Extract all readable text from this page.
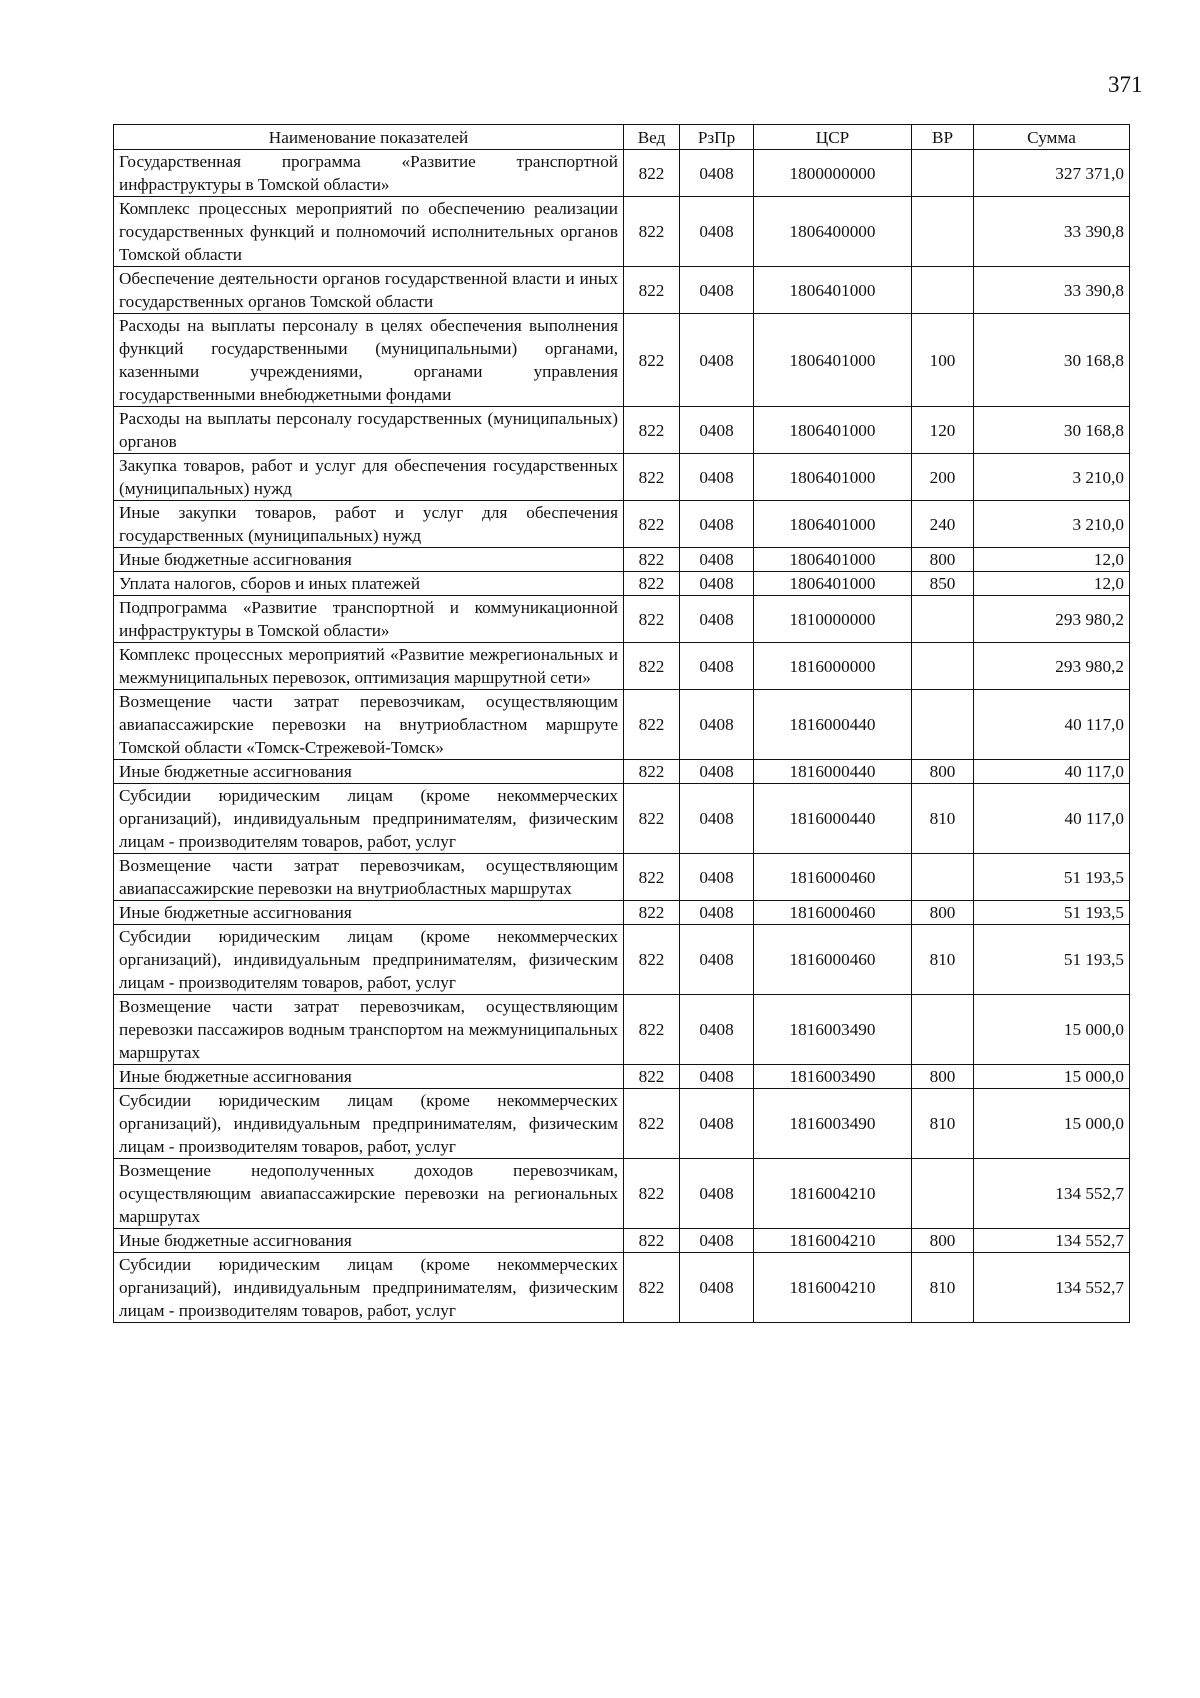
371
Наименование показателей	Вед	РзПр	ЦСР	ВР	Сумма
Государственная программа «Развитие транспортной инфраструктуры в Томской области»	822	0408	1800000000		327 371,0
Комплекс процессных мероприятий по обеспечению реализации государственных функций и полномочий исполнительных органов Томской области	822	0408	1806400000		33 390,8
Обеспечение деятельности органов государственной власти и иных государственных органов Томской области	822	0408	1806401000		33 390,8
Расходы на выплаты персоналу в целях обеспечения выполнения функций государственными (муниципальными) органами, казенными учреждениями, органами управления государственными внебюджетными фондами	822	0408	1806401000	100	30 168,8
Расходы на выплаты персоналу государственных (муниципальных) органов	822	0408	1806401000	120	30 168,8
Закупка товаров, работ и услуг для обеспечения государственных (муниципальных) нужд	822	0408	1806401000	200	3 210,0
Иные закупки товаров, работ и услуг для обеспечения государственных (муниципальных) нужд	822	0408	1806401000	240	3 210,0
Иные бюджетные ассигнования	822	0408	1806401000	800	12,0
Уплата налогов, сборов и иных платежей	822	0408	1806401000	850	12,0
Подпрограмма «Развитие транспортной и коммуникационной инфраструктуры в Томской области»	822	0408	1810000000		293 980,2
Комплекс процессных мероприятий «Развитие межрегиональных и межмуниципальных перевозок, оптимизация маршрутной сети»	822	0408	1816000000		293 980,2
Возмещение части затрат перевозчикам, осуществляющим авиапассажирские перевозки на внутриобластном маршруте Томской области «Томск-Стрежевой-Томск»	822	0408	1816000440		40 117,0
Иные бюджетные ассигнования	822	0408	1816000440	800	40 117,0
Субсидии юридическим лицам (кроме некоммерческих организаций), индивидуальным предпринимателям, физическим лицам - производителям товаров, работ, услуг	822	0408	1816000440	810	40 117,0
Возмещение части затрат перевозчикам, осуществляющим авиапассажирские перевозки на внутриобластных маршрутах	822	0408	1816000460		51 193,5
Иные бюджетные ассигнования	822	0408	1816000460	800	51 193,5
Субсидии юридическим лицам (кроме некоммерческих организаций), индивидуальным предпринимателям, физическим лицам - производителям товаров, работ, услуг	822	0408	1816000460	810	51 193,5
Возмещение части затрат перевозчикам, осуществляющим перевозки пассажиров водным транспортом на межмуниципальных маршрутах	822	0408	1816003490		15 000,0
Иные бюджетные ассигнования	822	0408	1816003490	800	15 000,0
Субсидии юридическим лицам (кроме некоммерческих организаций), индивидуальным предпринимателям, физическим лицам - производителям товаров, работ, услуг	822	0408	1816003490	810	15 000,0
Возмещение недополученных доходов перевозчикам, осуществляющим авиапассажирские перевозки на региональных маршрутах	822	0408	1816004210		134 552,7
Иные бюджетные ассигнования	822	0408	1816004210	800	134 552,7
Субсидии юридическим лицам (кроме некоммерческих организаций), индивидуальным предпринимателям, физическим лицам - производителям товаров, работ, услуг	822	0408	1816004210	810	134 552,7
